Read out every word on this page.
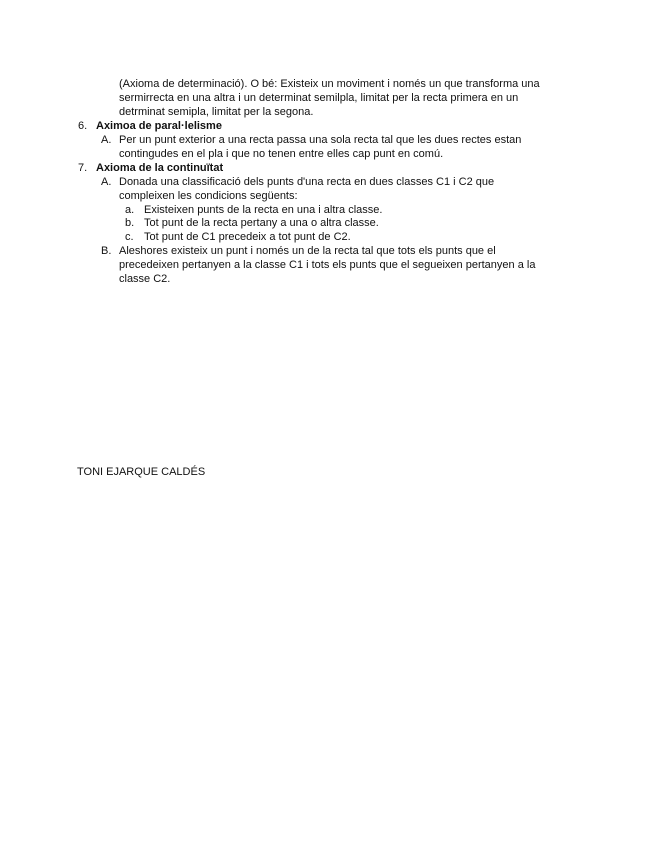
(Axioma de determinació). O bé: Existeix un moviment i només un que transforma una
sermirrecta en una altra i un determinat semilpla, limitat per la recta primera en un
detrminat semipla, limitat per la segona.
6. Aximoa de paral·lelisme
A. Per un punt exterior a una recta passa una sola recta tal que les dues rectes estan
contingudes en el pla i que no tenen entre elles cap punt en comú.
7. Axioma de la continuïtat
A. Donada una classificació dels punts d'una recta en dues classes C1 i C2 que
compleixen les condicions següents:
a. Existeixen punts de la recta en una i altra classe.
b. Tot punt de la recta pertany a una o altra classe.
c. Tot punt de C1 precedeix a tot punt de C2.
B. Aleshores existeix un punt i només un de la recta tal que tots els punts que el
precedeixen pertanyen a la classe C1 i tots els punts que el segueixen pertanyen a la
classe C2.
TONI EJARQUE CALDÉS
